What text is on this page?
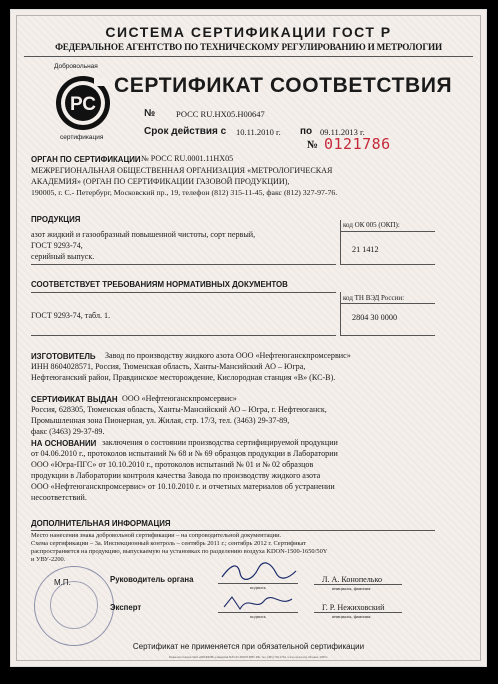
СИСТЕМА СЕРТИФИКАЦИИ ГОСТ Р
ФЕДЕРАЛЬНОЕ АГЕНТСТВО ПО ТЕХНИЧЕСКОМУ РЕГУЛИРОВАНИЮ И МЕТРОЛОГИИ
Добровольная
РС
сертификация
СЕРТИФИКАТ СООТВЕТСТВИЯ
№ РОСС RU.НХ05.Н00647
Срок действия с 10.11.2010 г. по 09.11.2013 г.
№ 0121786
ОРГАН ПО СЕРТИФИКАЦИИ № РОСС RU.0001.11НХ05
МЕЖРЕГИОНАЛЬНАЯ ОБЩЕСТВЕННАЯ ОРГАНИЗАЦИЯ «МЕТРОЛОГИЧЕСКАЯ
АКАДЕМИЯ» (ОРГАН ПО СЕРТИФИКАЦИИ ГАЗОВОЙ ПРОДУКЦИИ),
190005, г. С.- Петербург, Московский пр., 19, телефон (812) 315-11-45, факс (812) 327-97-76.
ПРОДУКЦИЯ
азот жидкий и газообразный повышенной чистоты, сорт первый,
ГОСТ 9293-74,
серийный выпуск.
код ОК 005 (ОКП):
21 1412
СООТВЕТСТВУЕТ ТРЕБОВАНИЯМ НОРМАТИВНЫХ ДОКУМЕНТОВ
ГОСТ 9293-74, табл. 1.
код ТН ВЭД России:
2804 30 0000
ИЗГОТОВИТЕЛЬ Завод по производству жидкого азота ООО «Нефтеюганскпромсервис»
ИНН 8604028571, Россия, Тюменская область, Ханты-Мансийский АО – Югра,
Нефтеюганский район, Правдинское месторождение, Кислородная станция «В» (КС-В).
СЕРТИФИКАТ ВЫДАН ООО «Нефтеюганскпромсервис»
Россия, 628305, Тюменская область, Ханты-Мансийский АО – Югра, г. Нефтеюганск,
Промышленная зона Пионерная, ул. Жилая, стр. 17/3, тел. (3463) 29-37-89,
факс (3463) 29-37-89.
НА ОСНОВАНИИ заключения о состоянии производства сертифицируемой продукции
от 04.06.2010 г., протоколов испытаний № 68 и № 69 образцов продукции в Лаборатории
ООО «Югра-ПГС» от 10.10.2010 г., протоколов испытаний № 01 и № 02 образцов
продукции в Лаборатории контроля качества Завода по производству жидкого азота
ООО «Нефтеюганскпромсервис» от 10.10.2010 г. и отчетных материалов об устранении
несоответствий.
ДОПОЛНИТЕЛЬНАЯ ИНФОРМАЦИЯ
Место нанесения знака добровольной сертификации – на сопроводительной документации.
Схема сертификации – 3а. Инспекционный контроль – сентябрь 2011 г.; сентябрь 2012 г. Сертификат
распространяется на продукцию, выпускаемую на установках по разделению воздуха KDON-1500-1650/50Y
и УВУ-2200.
М.П.	Руководитель органа
подпись
Л. А. Конопелько
инициалы, фамилия
Эксперт
подпись
Г. Р. Нежиховский
инициалы, фамилия
Сертификат не применяется при обязательной сертификации
Бланк изготовлен ЗАО «ОПЦИОН» (лицензия №05-05-09/003 ФНС РФ, тел. (495) 726-4742, www.opcion.ru). Москва, 2009 г.
